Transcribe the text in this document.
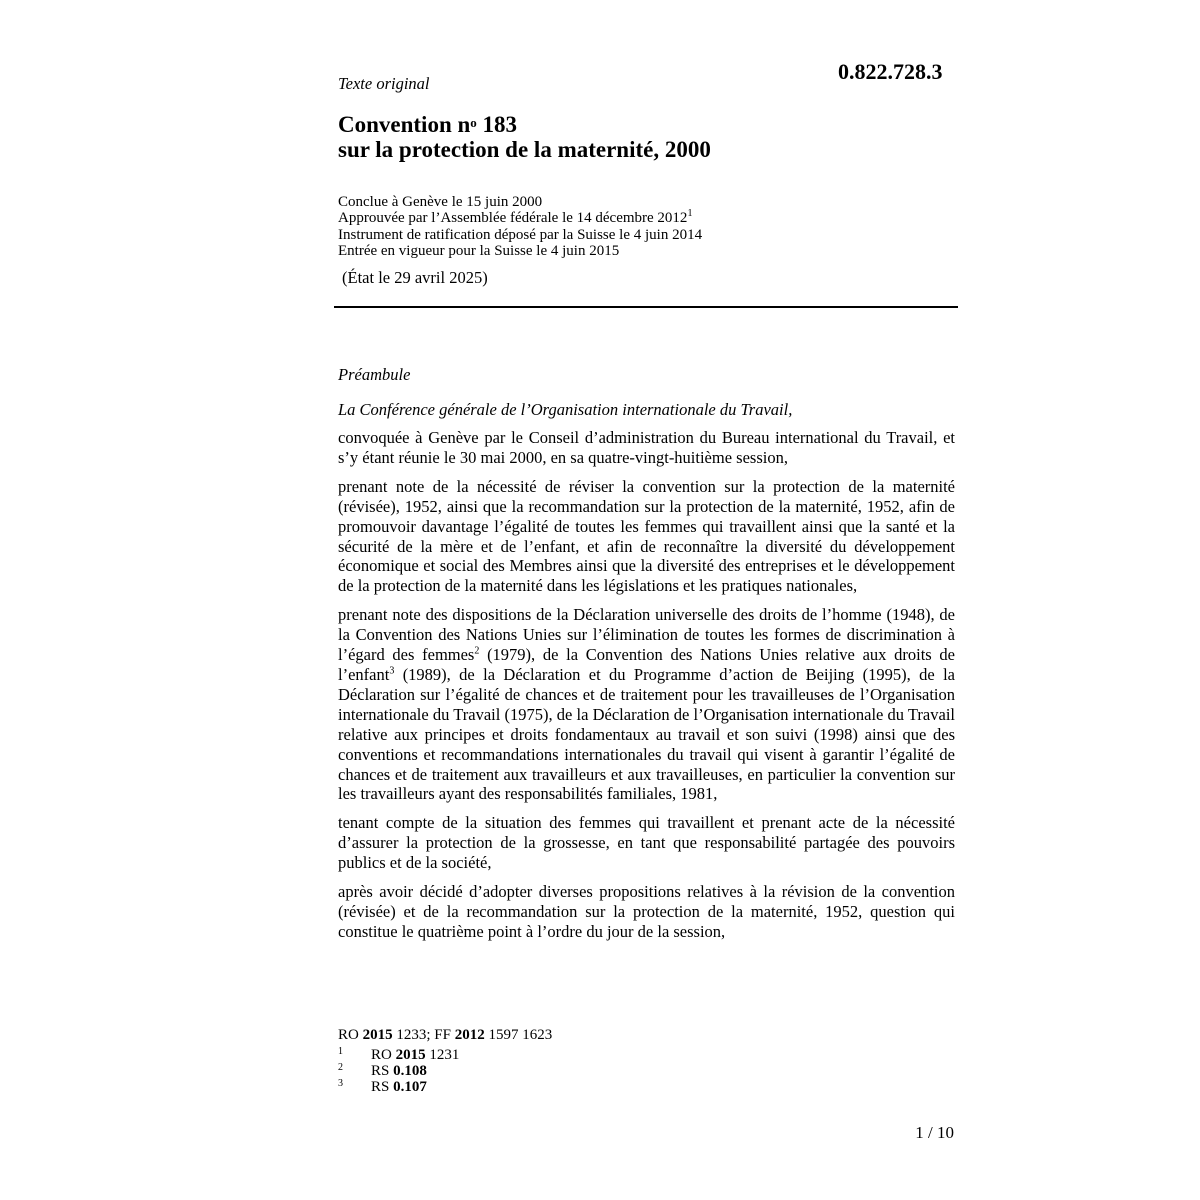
Texte original	0.822.728.3
Convention $n^o$ 183
sur la protection de la maternité, 2000
Conclue à Genève le 15 juin 2000
Approuvée par l’Assemblée fédérale le 14 décembre 2012$^1$
Instrument de ratification déposé par la Suisse le 4 juin 2014
Entrée en vigueur pour la Suisse le 4 juin 2015
(État le 29 avril 2025)
Préambule
La Conférence générale de l’Organisation internationale du Travail,

convoquée à Genève par le Conseil d’administration du Bureau international du Travail, et s’y étant réunie le 30 mai 2000, en sa quatre-vingt-huitième session,

prenant note de la nécessité de réviser la convention sur la protection de la maternité (révisée), 1952, ainsi que la recommandation sur la protection de la maternité, 1952, afin de promouvoir davantage l’égalité de toutes les femmes qui travaillent ainsi que la santé et la sécurité de la mère et de l’enfant, et afin de reconnaître la diversité du développement économique et social des Membres ainsi que la diversité des entreprises et le développement de la protection de la maternité dans les législations et les pratiques nationales,

prenant note des dispositions de la Déclaration universelle des droits de l’homme (1948), de la Convention des Nations Unies sur l’élimination de toutes les formes de discrimination à l’égard des femmes$^2$ (1979), de la Convention des Nations Unies relative aux droits de l’enfant$^3$ (1989), de la Déclaration et du Programme d’action de Beijing (1995), de la Déclaration sur l’égalité de chances et de traitement pour les travailleuses de l’Organisation internationale du Travail (1975), de la Déclaration de l’Organisation internationale du Travail relative aux principes et droits fondamentaux au travail et son suivi (1998) ainsi que des conventions et recommandations internationales du travail qui visent à garantir l’égalité de chances et de traitement aux travailleurs et aux travailleuses, en particulier la convention sur les travailleurs ayant des responsabilités familiales, 1981,

tenant compte de la situation des femmes qui travaillent et prenant acte de la nécessité d’assurer la protection de la grossesse, en tant que responsabilité partagée des pouvoirs publics et de la société,

après avoir décidé d’adopter diverses propositions relatives à la révision de la convention (révisée) et de la recommandation sur la protection de la maternité, 1952, question qui constitue le quatrième point à l’ordre du jour de la session,

RO 2015 1233; FF 2012 1597 1623
1 RO 2015 1231
2 RS 0.108
3 RS 0.107
1 / 10
